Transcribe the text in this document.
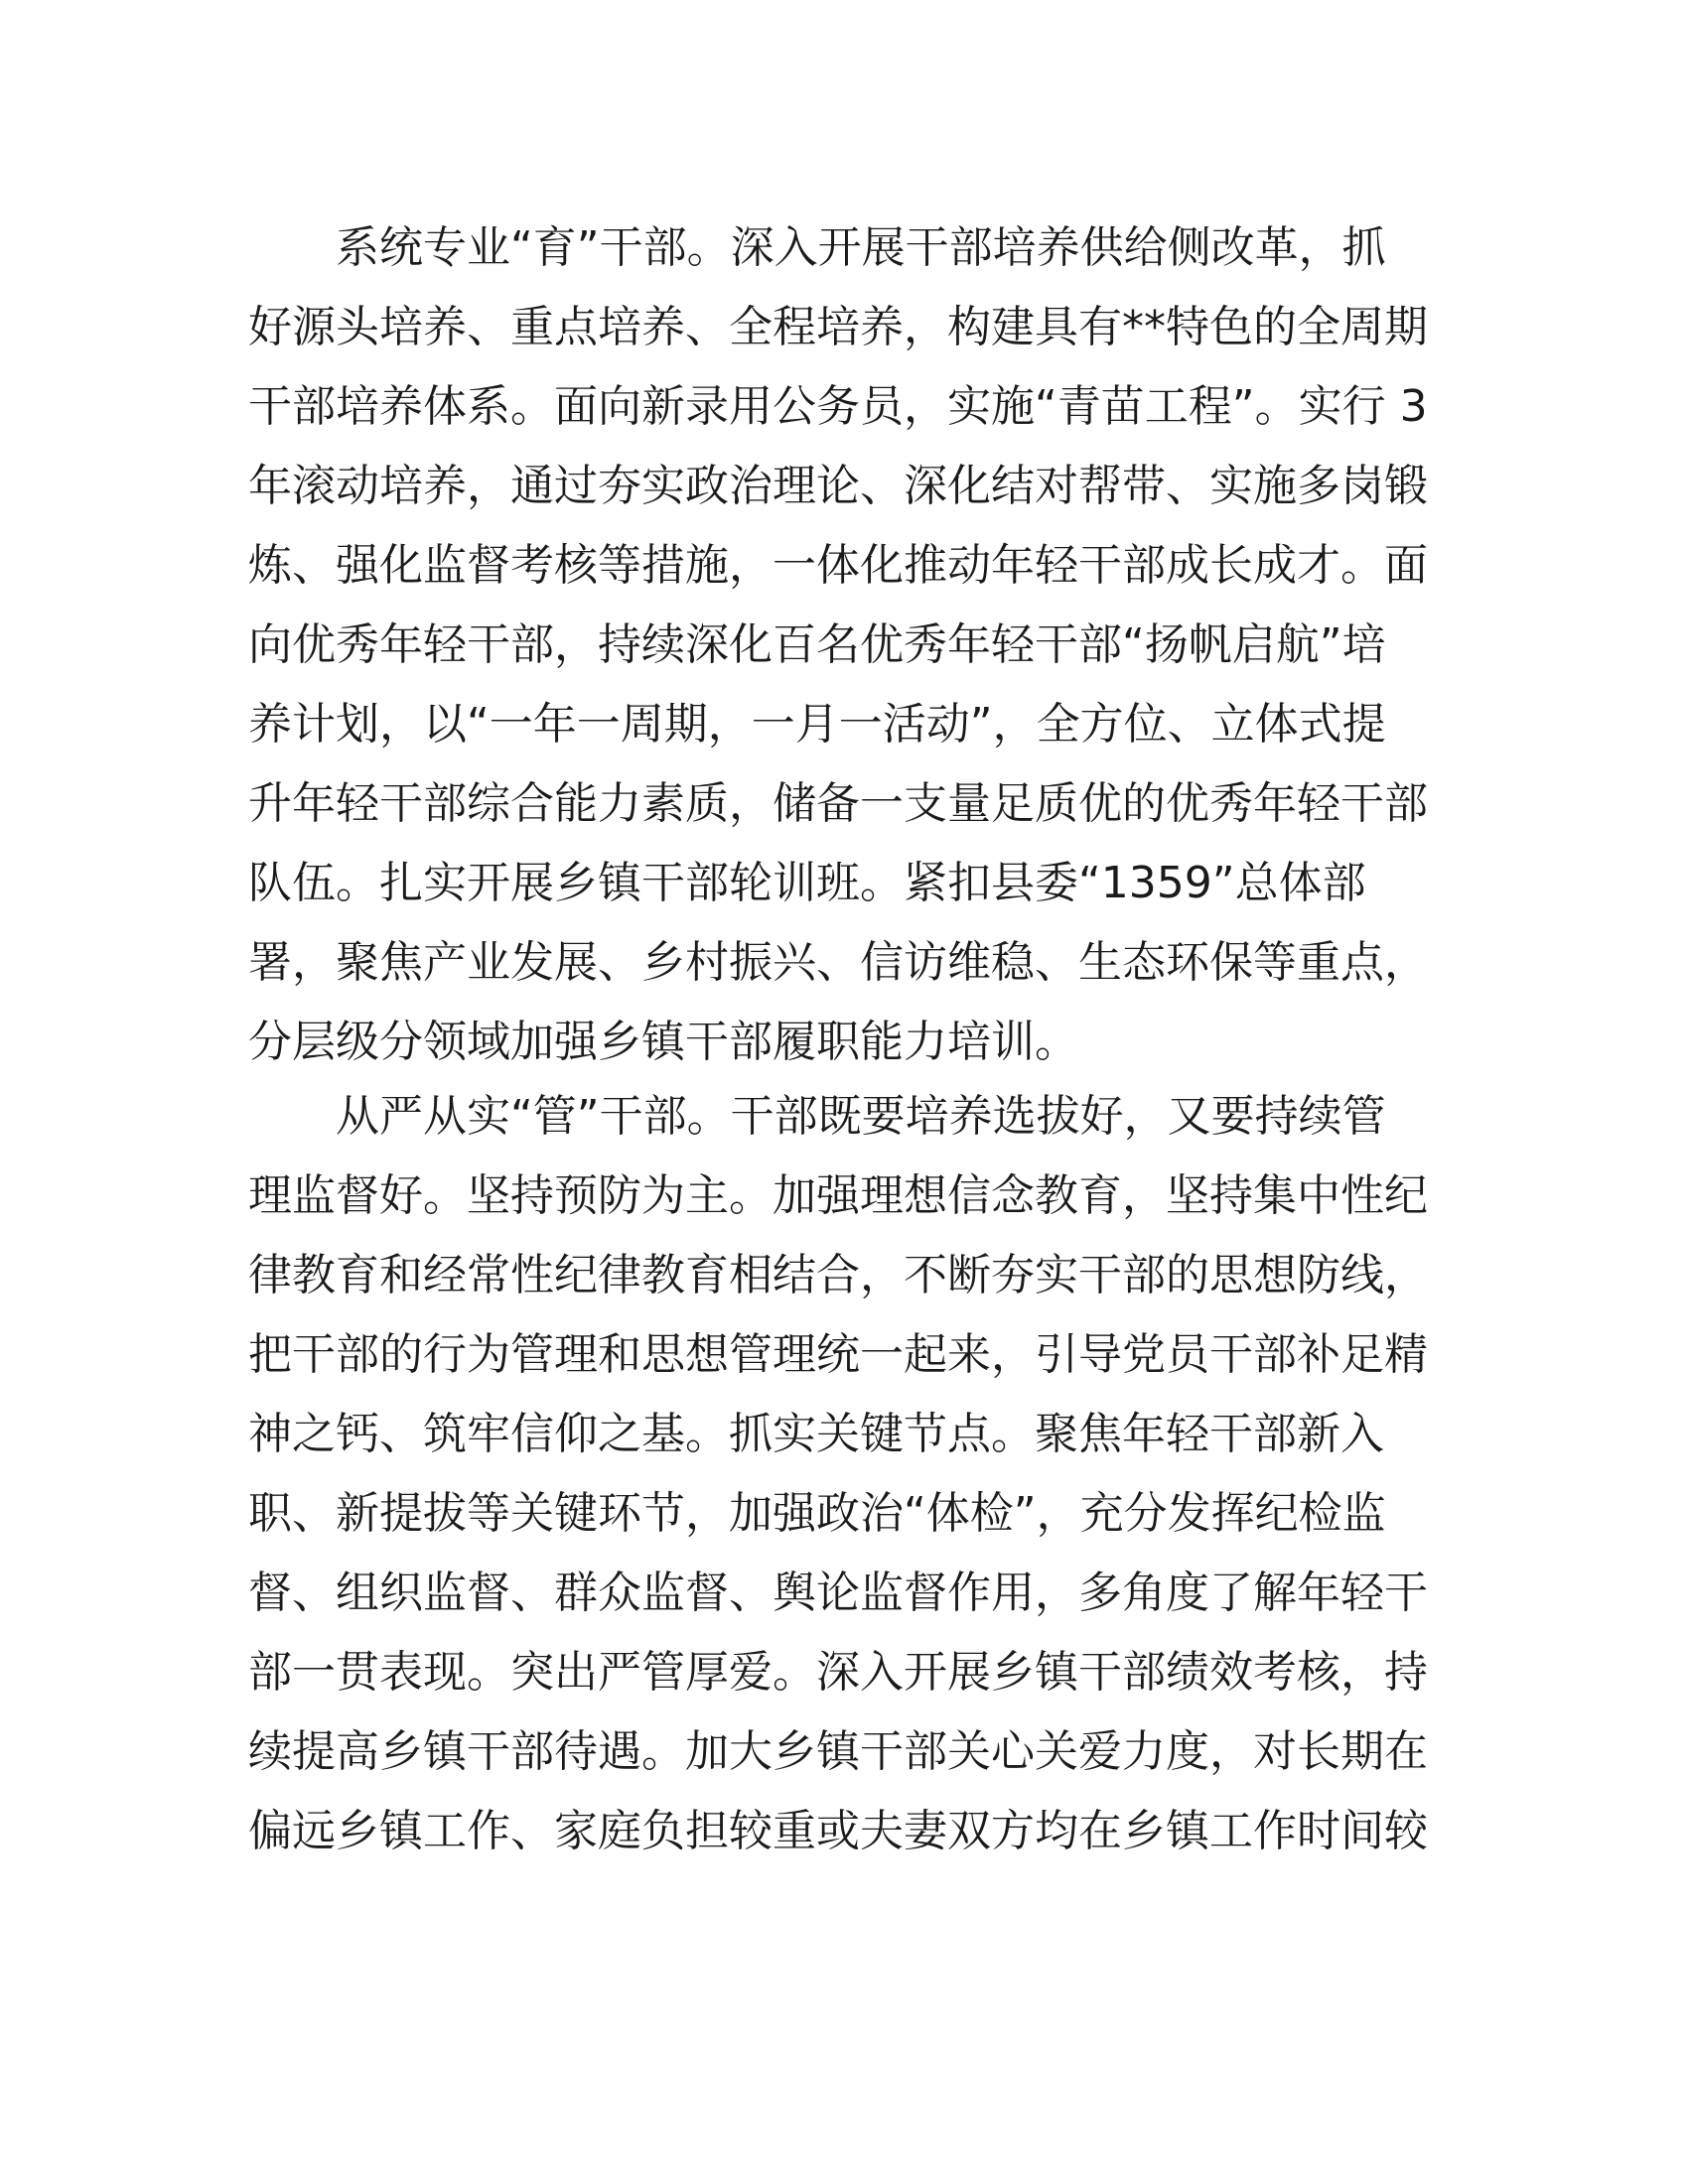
　　系统专业“育”干部。深入开展干部培养供给侧改革，抓
好源头培养、重点培养、全程培养，构建具有**特色的全周期
干部培养体系。面向新录用公务员，实施“青苗工程”。实行 3
年滚动培养，通过夯实政治理论、深化结对帮带、实施多岗锻
炼、强化监督考核等措施，一体化推动年轻干部成长成才。面
向优秀年轻干部，持续深化百名优秀年轻干部“扬帆启航”培
养计划，以“一年一周期，一月一活动”，全方位、立体式提
升年轻干部综合能力素质，储备一支量足质优的优秀年轻干部
队伍。扎实开展乡镇干部轮训班。紧扣县委“1359”总体部
署，聚焦产业发展、乡村振兴、信访维稳、生态环保等重点，
分层级分领域加强乡镇干部履职能力培训。
　　从严从实“管”干部。干部既要培养选拔好，又要持续管
理监督好。坚持预防为主。加强理想信念教育，坚持集中性纪
律教育和经常性纪律教育相结合，不断夯实干部的思想防线，
把干部的行为管理和思想管理统一起来，引导党员干部补足精
神之钙、筑牢信仰之基。抓实关键节点。聚焦年轻干部新入
职、新提拔等关键环节，加强政治“体检”，充分发挥纪检监
督、组织监督、群众监督、舆论监督作用，多角度了解年轻干
部一贯表现。突出严管厚爱。深入开展乡镇干部绩效考核，持
续提高乡镇干部待遇。加大乡镇干部关心关爱力度，对长期在
偏远乡镇工作、家庭负担较重或夫妻双方均在乡镇工作时间较
